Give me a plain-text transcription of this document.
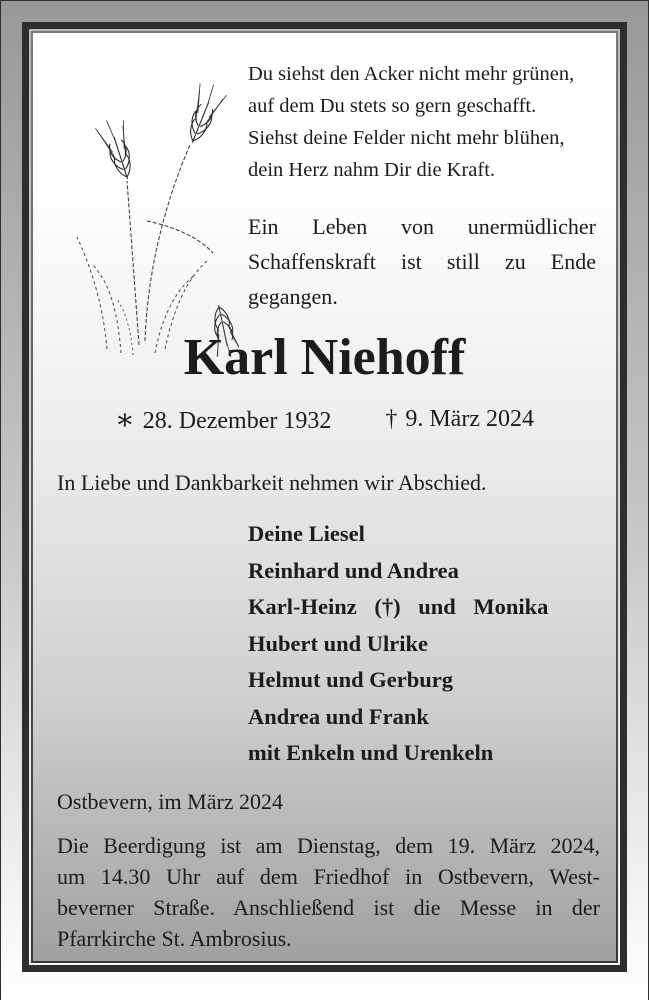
Du siehst den Acker nicht mehr grünen,
auf dem Du stets so gern geschafft.
Siehst deine Felder nicht mehr blühen,
dein Herz nahm Dir die Kraft.
Ein Leben von unermüdlicher
Schaffenskraft ist still zu Ende
gegangen.
Karl Niehoff
∗ 28. Dezember 1932 † 9. März 2024
In Liebe und Dankbarkeit nehmen wir Abschied.
Deine Liesel
Reinhard und Andrea
Karl-Heinz (†) und Monika
Hubert und Ulrike
Helmut und Gerburg
Andrea und Frank
mit Enkeln und Urenkeln
Ostbevern, im März 2024
Die Beerdigung ist am Dienstag, dem 19. März 2024,
um 14.30 Uhr auf dem Friedhof in Ostbevern, West-
beverner Straße. Anschließend ist die Messe in der
Pfarrkirche St. Ambrosius.
